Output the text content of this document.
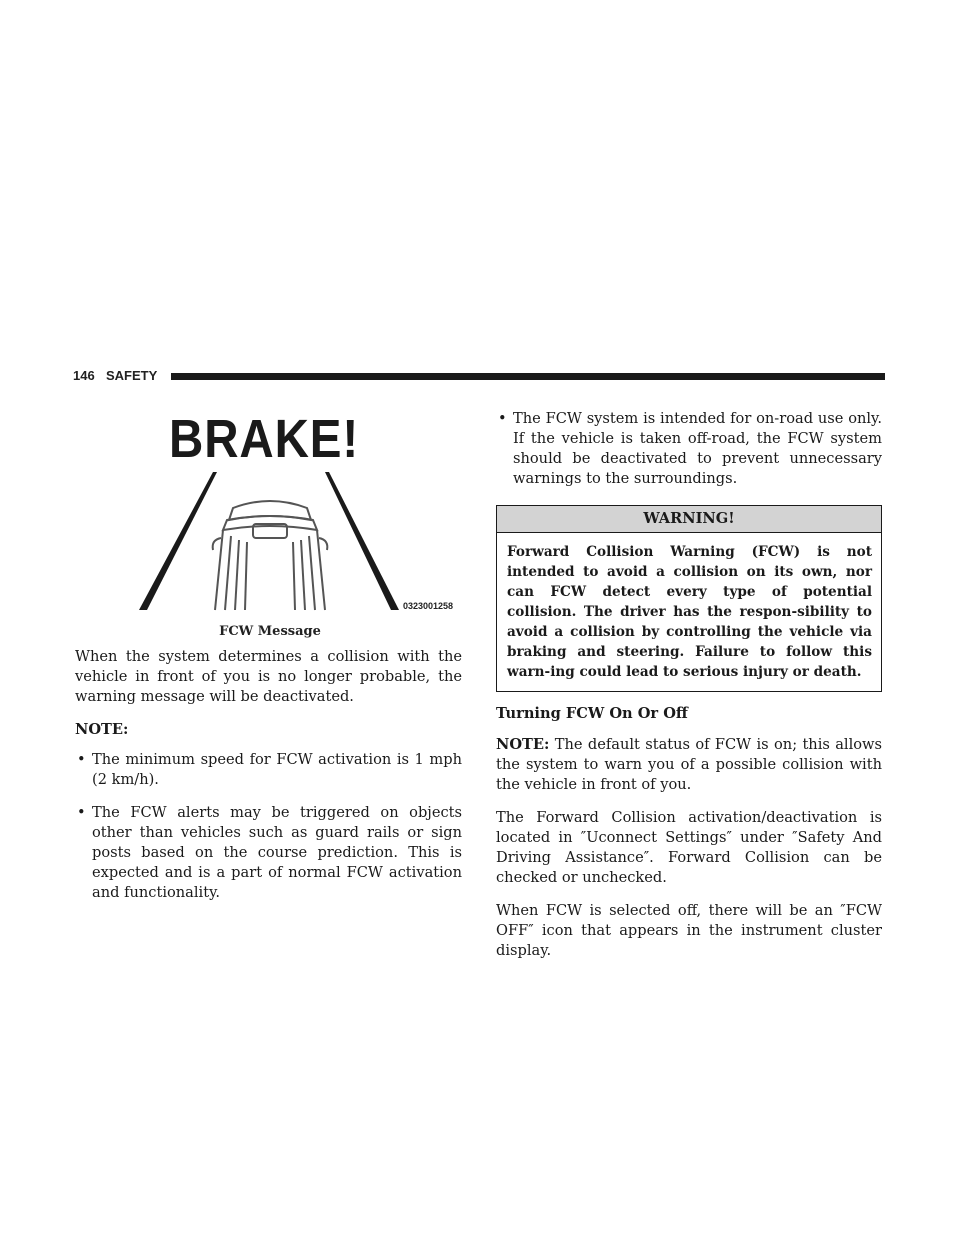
146 SAFETY
BRAKE!
0323001258
FCW Message

When the system determines a collision with the vehicle in front of you is no longer probable, the warning message will be deactivated.

NOTE:

• The minimum speed for FCW activation is 1 mph (2 km/h).
• The FCW alerts may be triggered on objects other than vehicles such as guard rails or sign posts based on the course prediction. This is expected and is a part of normal FCW activation and functionality.
• The FCW system is intended for on-road use only. If the vehicle is taken off-road, the FCW system should be deactivated to prevent unnecessary warnings to the surroundings.
WARNING!
Forward Collision Warning (FCW) is not intended to avoid a collision on its own, nor can FCW detect every type of potential collision. The driver has the respon-sibility to avoid a collision by controlling the vehicle via braking and steering. Failure to follow this warn-ing could lead to serious injury or death.

Turning FCW On Or Off

NOTE: The default status of FCW is on; this allows the system to warn you of a possible collision with the vehicle in front of you.

The Forward Collision activation/deactivation is located in ″Uconnect Settings″ under ″Safety And Driving Assistance″. Forward Collision can be checked or unchecked.

When FCW is selected off, there will be an ″FCW OFF″ icon that appears in the instrument cluster display.
